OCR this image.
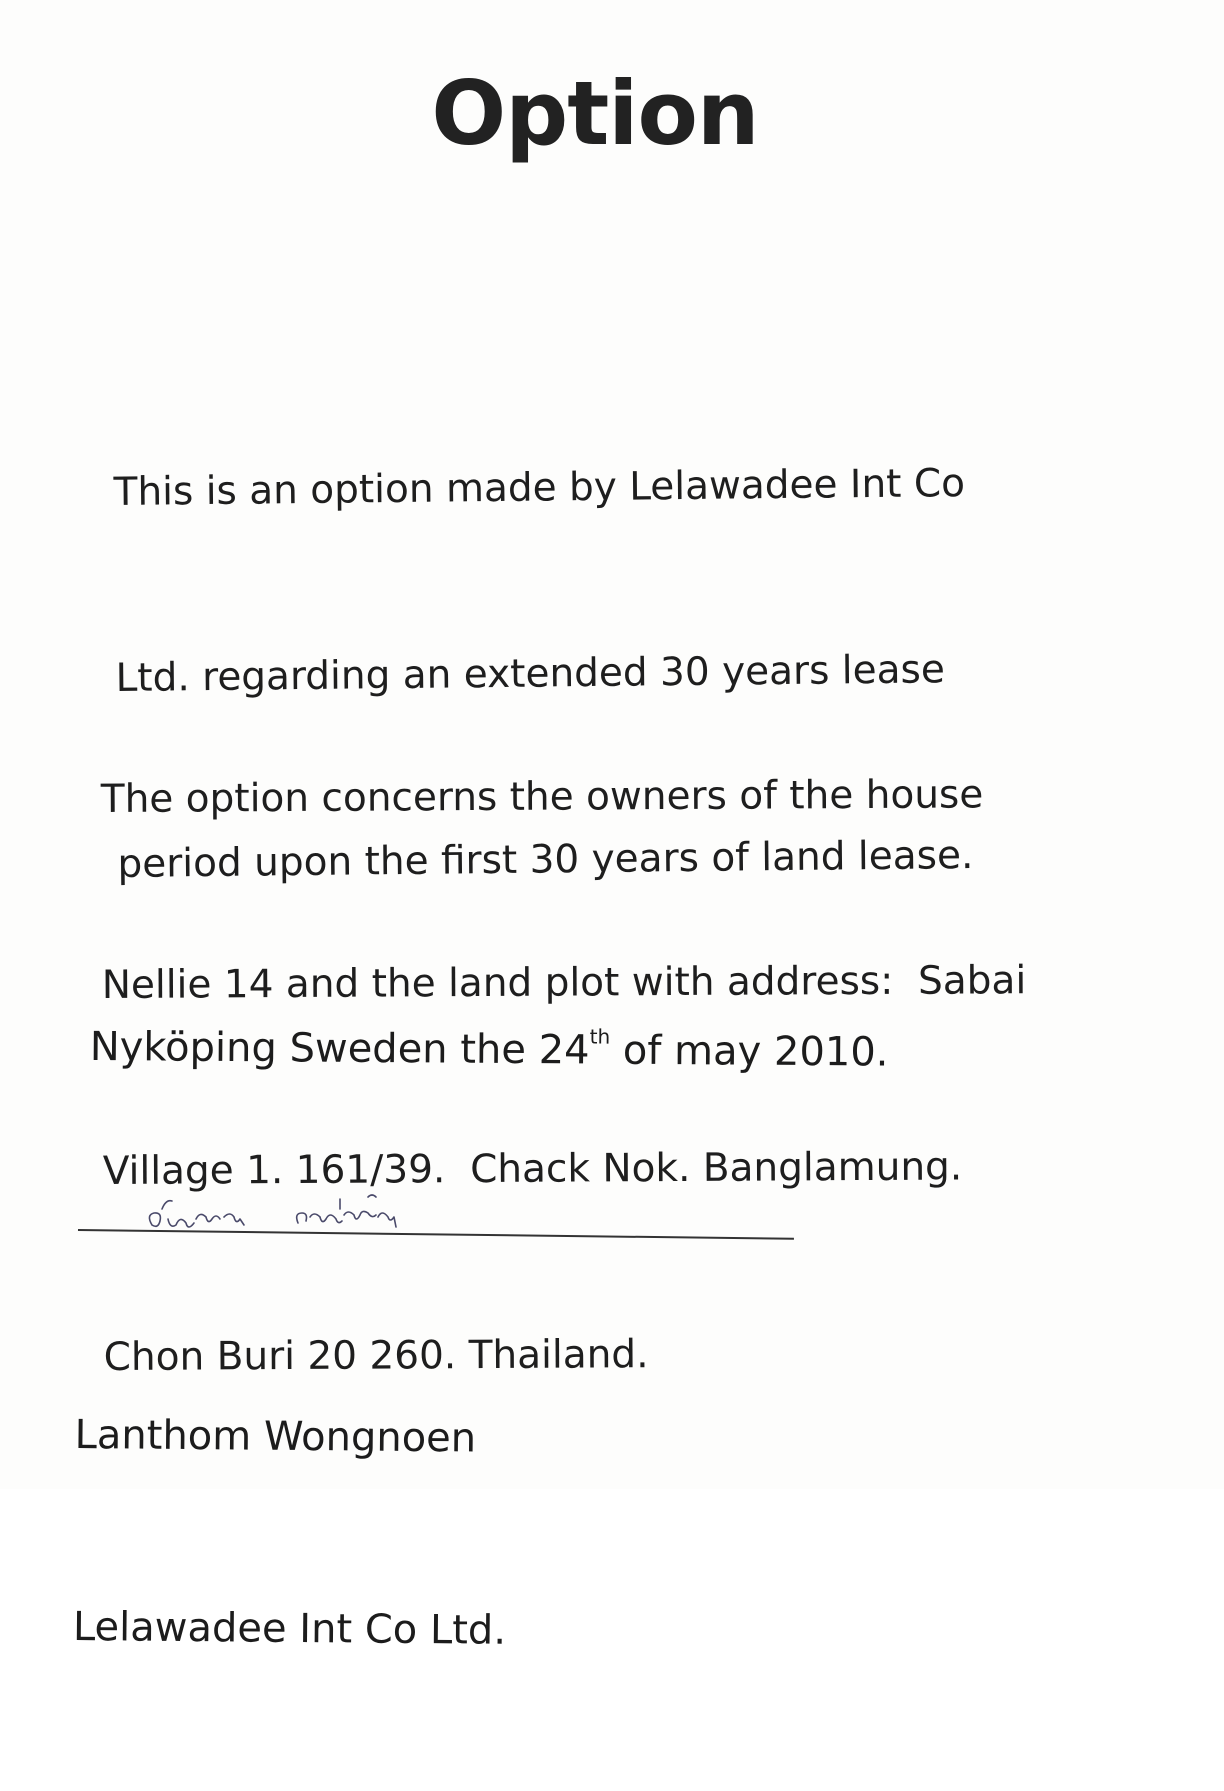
Option

This is an option made by Lelawadee Int Co

Ltd. regarding an extended 30 years lease

period upon the first 30 years of land lease.

The option concerns the owners of the house

Nellie 14 and the land plot with address:  Sabai

Village 1. 161/39.  Chack Nok. Banglamung.

Chon Buri 20 260. Thailand.

Nyköping Sweden the 24th of may 2010.

ลันทอม วงน้อน

Lanthom Wongnoen

Lelawadee Int Co Ltd.
